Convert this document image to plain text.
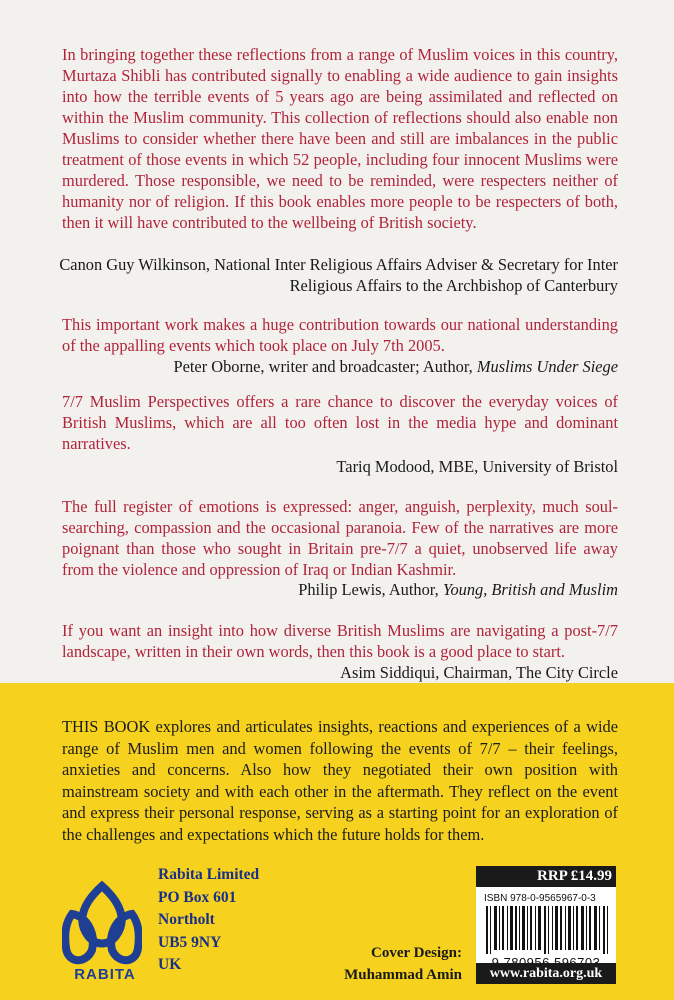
In bringing together these reflections from a range of Muslim voices in this country, Murtaza Shibli has contributed signally to enabling a wide audience to gain insights into how the terrible events of 5 years ago are being assimilated and reflected on within the Muslim community. This collection of reflections should also enable non Muslims to consider whether there have been and still are imbalances in the public treatment of those events in which 52 people, including four innocent Muslims were murdered. Those responsible, we need to be reminded, were respecters neither of humanity nor of religion. If this book enables more people to be respecters of both, then it will have contributed to the wellbeing of British society.

Canon Guy Wilkinson, National Inter Religious Affairs Adviser & Secretary for Inter Religious Affairs to the Archbishop of Canterbury

This important work makes a huge contribution towards our national understanding of the appalling events which took place on July 7th 2005.

Peter Oborne, writer and broadcaster; Author, Muslims Under Siege

7/7 Muslim Perspectives offers a rare chance to discover the everyday voices of British Muslims, which are all too often lost in the media hype and dominant narratives.

Tariq Modood, MBE, University of Bristol

The full register of emotions is expressed: anger, anguish, perplexity, much soul-searching, compassion and the occasional paranoia. Few of the narratives are more poignant than those who sought in Britain pre-7/7 a quiet, unobserved life away from the violence and oppression of Iraq or Indian Kashmir.

Philip Lewis, Author, Young, British and Muslim

If you want an insight into how diverse British Muslims are navigating a post-7/7 landscape, written in their own words, then this book is a good place to start.

Asim Siddiqui, Chairman, The City Circle

THIS BOOK explores and articulates insights, reactions and experiences of a wide range of Muslim men and women following the events of 7/7 – their feelings, anxieties and concerns. Also how they negotiated their own position with mainstream society and with each other in the aftermath. They reflect on the event and express their personal response, serving as a starting point for an exploration of the challenges and expectations which the future holds for them.

RABITA
Rabita Limited
PO Box 601
Northolt
UB5 9NY
UK
Cover Design:
Muhammad Amin
RRP £14.99
ISBN 978-0-9565967-0-3
www.rabita.org.uk
